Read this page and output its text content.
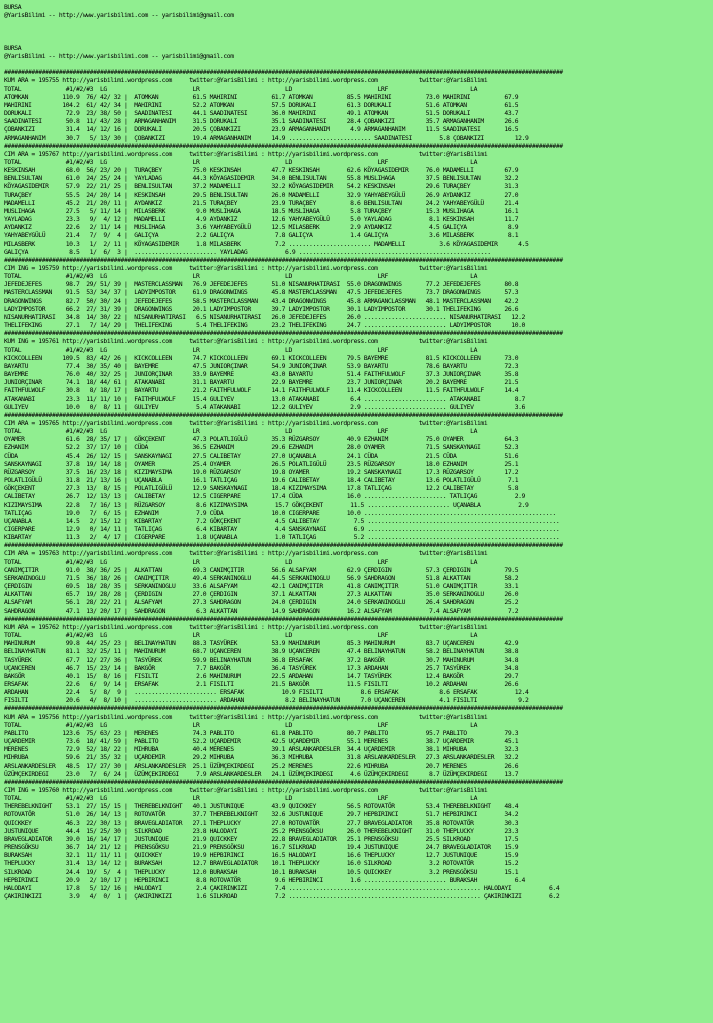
BURSA
@YarisBilimi -- http://www.yarisbilimi.com -- yarisbilimi@gmail.com

BURSA
@YarisBilimi -- http://www.yarisbilimi.com -- yarisbilimi@gmail.com

###################################################################################################################################################################
KUM ARA = 195755 http://yarisbilimi.wordpress.com     twitter:@YarisBilimi : http://yarisbilimi.wordpress.com            twitter:@YarisBilimi
TOTAL             #1/#2/#3  LG                         LR                         LD                         LRF                        LA
ATOMKAN          110.9  76/ 42/ 32 |  ATOMKAN          61.5 MAHIRINI          61.7 ATOMKAN          85.5 MAHIRINI          73.0 MAHIRINI          67.9
MAHIRINI         104.2  61/ 42/ 34 |  MAHIRINI         52.2 ATOMKAN           57.5 DORUKALI         61.3 DORUKALI          51.6 ATOMKAN           61.5
DORUKALI          72.9  23/ 38/ 50 |  SAADINATESI      44.1 SAADINATESI       36.0 MAHIRINI         49.1 ATOMKAN           51.5 DORUKALI          43.7
SAADINATESI       50.8  11/ 43/ 28 |  ARMAGANHANIM     31.5 DORUKALI          35.1 SAADINATESI      28.4 ÇOBANKIZI         35.7 ARMAGANHANIM      26.6
ÇOBANKIZI         31.4  14/ 12/ 16 |  DORUKALI         20.5 ÇOBANKIZI         23.9 ARMAGANHANIM      4.9 ARMAGANHANIM      11.5 SAADINATESI       16.5
ARMAGANHANIM      30.7   5/ 13/ 30 |  ÇOBANKIZI        19.4 ARMAGANHANIM      14.9 ........................ SAADINATESI        5.8 ÇOBANKIZI         12.9
###################################################################################################################################################################
CIM ARA = 195767 http://yarisbilimi.wordpress.com     twitter:@YarisBilimi : http://yarisbilimi.wordpress.com            twitter:@YarisBilimi
TOTAL             #1/#2/#3  LG                         LR                         LD                         LRF                        LA
KESKINSAH         68.0  56/ 23/ 20 |  TURAÇBEY         75.0 KESKINSAH         47.7 KESKINSAH        62.6 KÖYAGASIDEMIR     76.0 MADAMELLI         67.9
BENLISULTAN       61.0  24/ 25/ 24 |  YAYLADAG         44.3 KÖYAGASIDEMIR     34.0 BENLISULTAN      55.8 MUSLIHAGA         37.5 BENLISULTAN       32.2
KÖYAGASIDEMIR     57.9  22/ 21/ 25 |  BENLISULTAN      37.2 MADAMELLI         32.2 KÖYAGASIDEMIR    54.2 KESKINSAH         29.6 TURAÇBEY          31.3
TURAÇBEY          55.5  24/ 20/ 14 |  KESKINSAH        29.5 BENLISULTAN       26.0 MADAMELLI        32.9 YAHYABEYGÜLÜ      26.9 AYDANKIZ          27.0
MADAMELLI         45.2  21/ 20/ 11 |  AYDANKIZ         21.5 TURAÇBEY          23.9 TURAÇBEY          8.6 BENLISULTAN       24.2 YAHYABEYGÜLÜ      21.4
MUSLIHAGA         27.5   5/ 11/ 14 |  MILASBERK         9.0 MUSLIHAGA         18.5 MUSLIHAGA         5.8 TURAÇBEY          15.3 MUSLIHAGA         16.1
YAYLADAG          23.3   9/  4/ 12 |  MADAMELLI         4.9 AYDANKIZ          12.6 YAHYABEYGÜLÜ      5.0 YAYLADAG           8.1 KESKINSAH         11.7
AYDANKIZ          22.6   2/ 11/ 14 |  MUSLIHAGA         3.6 YAHYABEYGÜLÜ      12.5 MILASBERK         2.9 AYDANKIZ           4.5 GALIÇYA            8.9
YAHYABEYGÜLÜ      21.4   7/  9/  4 |  GALIÇYA           2.2 GALIÇYA            7.8 GALIÇYA           1.4 GALIÇYA            3.6 MILASBERK          8.1
MILASBERK         10.3   1/  2/ 11 |  KÖYAGASIDEMIR     1.8 MILASBERK          7.2 ........................ MADAMELLI          3.6 KÖYAGASIDEMIR      4.5
GALIÇYA            8.5   1/  6/  3 |  ........................ YAYLADAG           6.9 ........................................................
###################################################################################################################################################################
CIM ING = 195759 http://yarisbilimi.wordpress.com     twitter:@YarisBilimi : http://yarisbilimi.wordpress.com            twitter:@YarisBilimi
TOTAL             #1/#2/#3  LG                         LR                         LD                         LRF                        LA
JEFEDEJEFES       98.7  29/ 51/ 39 |  MASTERCLASSMAN   76.9 JEFEDEJEFES       51.0 NISANURHATIRASI  55.0 DRAGONWINGS       77.2 JEFEDEJEFES       80.8
MASTERCLASSMAN    91.5  53/ 34/ 37 |  LADYIMPOSTOR     61.9 DRAGONWINGS       45.8 MASTERCLASSMAN   47.5 JEFEDEJEFES       73.7 DRAGONWINGS       57.3
DRAGONWINGS       82.7  50/ 30/ 24 |  JEFEDEJEFES      58.5 MASTERCLASSMAN    43.4 DRAGONWINGS      45.8 ARMAGANCLASSMAN   48.1 MASTERCLASSMAN    42.2
LADYIMPOSTOR      66.2  27/ 31/ 39 |  DRAGONWINGS      20.1 LADYIMPOSTOR      39.7 LADYIMPOSTOR     30.1 LADYIMPOSTOR      30.1 THELIFEKING       26.6
NISANURHATIRASI   34.8  14/ 30/ 22 |  NISANURHATIRASI   6.5 NISANURHATIRASI   26.0 JEFEDEJEFES      26.0 ........................ NISANURHATIRASI   12.2
THELIFEKING       27.1   7/ 14/ 29 |  THELIFEKING       5.4 THELIFEKING       23.2 THELIFEKING      24.7 ........................ LADYIMPOSTOR      10.0
###################################################################################################################################################################
KUM ING = 195761 http://yarisbilimi.wordpress.com     twitter:@YarisBilimi : http://yarisbilimi.wordpress.com            twitter:@YarisBilimi
TOTAL             #1/#2/#3  LG                         LR                         LD                         LRF                        LA
KICKCOLLEEN      109.5  83/ 42/ 26 |  KICKCOLLEEN      74.7 KICKCOLLEEN       69.1 KICKCOLLEEN      79.5 BAYEMRE           81.5 KICKCOLLEEN       73.0
BAYARTU           77.4  30/ 35/ 40 |  BAYEMRE          47.5 JUNIORÇINAR       54.9 JUNIORÇINAR      53.9 BAYARTU           78.6 BAYARTU           72.3
BAYEMRE           76.0  40/ 32/ 25 |  JUNIORÇINAR      33.9 BAYEMRE           43.0 BAYARTU          51.4 FAITHFULWOLF      37.3 JUNIORÇINAR       35.8
JUNIORÇINAR       74.1  18/ 44/ 61 |  ATAKANABI        31.1 BAYARTU           22.9 BAYEMRE          23.7 JUNIORÇINAR       20.2 BAYEMRE           21.5
FAITHFULWOLF      30.8   8/ 18/ 17 |  BAYARTU          21.2 FAITHFULWOLF      14.1 FAITHFULWOLF     11.4 KICKCOLLEEN       11.5 FAITHFULWOLF      14.4
ATAKANABI         23.3  11/ 11/ 10 |  FAITHFULWOLF     15.4 GULIYEV           13.0 ATAKANABI         6.4 ........................ ATAKANABI          8.7
GULIYEV           10.0   0/  8/ 11 |  GULIYEV           5.4 ATAKANABI         12.2 GULIYEV           2.9 ........................ GULIYEV            3.6
###################################################################################################################################################################
CIM ARA = 195765 http://yarisbilimi.wordpress.com     twitter:@YarisBilimi : http://yarisbilimi.wordpress.com            twitter:@YarisBilimi
TOTAL             #1/#2/#3  LG                         LR                         LD                         LRF                        LA
OYAMER            61.6  28/ 35/ 17 |  GÖKÇEKENT        47.3 POLATLIGÜLÜ       35.3 RÜZGARSOY        40.9 EZHANIM           75.0 OYAMER            64.3
EZHANIM           52.2  37/ 17/ 10 |  CÜDA             36.5 EZHANIM           29.6 EZHANIM          28.0 OYAMER            71.5 SANSKAYNAGI       52.3
CÜDA              45.4  26/ 12/ 15 |  SANSKAYNAGI      27.5 CALIBETAY         27.0 UÇANABLA         24.1 CÜDA              21.5 CÜDA              51.6
SANSKAYNAGI       37.8  19/ 14/ 18 |  OYAMER           25.4 OYAMER            26.5 POLATLIGÜLÜ      23.5 RÜZGARSOY         18.0 EZHANIM           25.1
RÜZGARSOY         37.5  16/ 23/ 18 |  KIZIMAYSIMA      19.0 RÜZGARSOY         19.8 OYAMER           19.2 SANSKAYNAGI       17.3 RÜZGARSOY         17.2
POLATLIGÜLÜ       31.8  21/ 13/ 16 |  UÇANABLA         16.1 TATLIÇAG          19.6 CALIBETAY        18.4 CALIBETAY         13.6 POLATLIGÜLÜ        7.1
GÖKÇEKENT         27.3  13/  8/ 15 |  POLATLIGÜLÜ      12.9 SANSKAYNAGI       18.4 KIZIMAYSIMA      17.8 TATLIÇAG          12.2 CALIBETAY          5.8
CALIBETAY         26.7  12/ 13/ 13 |  CALIBETAY        12.5 CIGERPARE         17.4 CÜDA             16.0 ........................ TATLIÇAG           2.9
KIZIMAYSIMA       22.8   7/ 16/ 13 |  RÜZGARSOY         8.6 KIZIMAYSIMA        15.7 GÖKÇEKENT        11.5 ........................ UÇANABLA           2.9
TATLIÇAG          19.0   7/  6/ 15 |  EZHANIM           7.9 CÜDA              10.0 CIGERPARE        10.0 ........................................................
UÇANABLA          14.5   2/ 15/ 12 |  KIBARTAY          7.2 GÖKÇEKENT          4.5 CALIBETAY          7.5 ........................................................
CIGERPARE         12.9   0/ 14/ 11 |  TATLIÇAG          6.4 KIBARTAY           4.4 SANSKAYNAGI        6.9 ........................................................
KIBARTAY          11.3   2/  4/ 17 |  CIGERPARE         1.8 UÇANABLA           1.0 TATLIÇAG           5.2 ........................................................
###################################################################################################################################################################
CIM ARA = 195763 http://yarisbilimi.wordpress.com     twitter:@YarisBilimi : http://yarisbilimi.wordpress.com            twitter:@YarisBilimi
TOTAL             #1/#2/#3  LG                         LR                         LD                         LRF                        LA
CANIMÇITIR        91.0  38/ 36/ 25 |  ALKATTAN         69.3 CANIMÇITIR        56.6 ALSAFYAM         62.9 ÇERDIGIN          57.3 ÇERDIGIN          79.5
SERKANINOGLU      71.5  36/ 18/ 26 |  CANIMÇITIR       49.4 SERKANINOGLU      44.5 SERKANINOGLU     56.9 SAHDRAGON         51.8 ALKATTAN          58.2
ÇERDIGIN          69.5  18/ 28/ 35 |  SERKANINOGLU     33.6 ALSAFYAM          42.1 CANIMÇITIR       41.8 CANIMÇITIR        51.0 CANIMÇITIR        33.1
ALKATTAN          65.7  19/ 28/ 28 |  ÇERDIGIN         27.0 ÇERDIGIN          37.1 ALKATTAN         27.3 ALKATTAN          35.0 SERKANINOGLU      26.0
ALSAFYAM          56.1  28/ 22/ 21 |  ALSAFYAM         27.3 SAHDRAGON         24.0 ÇERDIGIN         24.0 SERKANINOGLU      26.4 SAHDRAGON         25.2
SAHDRAGON         47.1  13/ 20/ 17 |  SAHDRAGON         6.3 ALKATTAN          14.9 SAHDRAGON        16.2 ALSAFYAM           7.4 ALSAFYAM           7.2
###################################################################################################################################################################
KUM ARA = 195762 http://yarisbilimi.wordpress.com     twitter:@YarisBilimi : http://yarisbilimi.wordpress.com            twitter:@YarisBilimi
TOTAL             #1/#2/#3  LG                         LR                         LD                         LRF                        LA
MAHINURUM         99.8  44/ 25/ 23 |  BELINAYHATUN     88.3 TASYÜREK          53.9 MAHINURUM        85.3 MAHINURUM         83.7 UÇANCEREN         42.9
BELINAYHATUN      81.1  32/ 25/ 11 |  MAHINURUM        68.7 UÇANCEREN         38.9 UÇANCEREN        47.4 BELINAYHATUN      58.2 BELINAYHATUN      38.8
TASYÜREK          67.7  12/ 27/ 36 |  TASYÜREK         59.9 BELINAYHATUN      36.8 ERSAFAK          37.2 BAKGÖR            30.7 MAHINURUM         34.8
UÇANCEREN         46.7  15/ 23/ 14 |  BAKGÖR            7.7 BAKGÖR            36.4 TASYÜREK         17.3 ARDAHAN           25.7 TASYÜREK          34.8
BAKGÖR            40.1  15/  8/ 16 |  FISILTI           2.6 MAHINURUM         22.5 ARDAHAN          14.7 TASYÜREK          12.4 BAKGÖR            29.7
ERSAFAK           22.6   6/  9/ 14 |  ERSAFAK           2.1 FISILTI           21.5 BAKGÖR           11.5 FISILTI           10.2 ARDAHAN           26.6
ARDAHAN           22.4   5/  8/  9 |  ........................ ERSAFAK           10.9 FISILTI           8.6 ERSAFAK            8.6 ERSAFAK           12.4
FISILTI           20.6   4/  8/ 10 |  ........................ ARDAHAN            8.2 BELINAYHATUN      7.0 UÇANCEREN          4.1 FISILTI            9.2
###################################################################################################################################################################
KUM ARA = 195756 http://yarisbilimi.wordpress.com     twitter:@YarisBilimi : http://yarisbilimi.wordpress.com            twitter:@YarisBilimi
TOTAL             #1/#2/#3  LG                         LR                         LD                         LRF                        LA
PABLITO          123.6  75/ 63/ 23 |  MERENES          74.3 PABLITO           61.8 PABLITO          80.7 PABLITO           95.7 PABLITO           79.3
UÇARDEMIR         73.6  18/ 41/ 59 |  PABLITO          52.2 UÇARDEMIR         42.5 UÇARDEMIR        55.1 MERENES           38.7 UÇARDEMIR         45.1
MERENES           72.9  52/ 18/ 22 |  MIHRUBA          40.4 MERENES           39.1 ARSLANKARDESLER  34.4 UÇARDEMIR         38.1 MIHRUBA           32.3
MIHRUBA           59.6  21/ 35/ 32 |  UÇARDEMIR        29.2 MIHRUBA           36.3 MIHRUBA          31.8 ARSLANKARDESLER   27.3 ARSLANKARDESLER   32.2
ARSLANKARDESLER   48.5  17/ 27/ 30 |  ARSLANKARDESLER  25.1 ÜZÜMÇEKIRDEGI     25.2 MERENES          22.6 MIHRUBA           20.7 MERENES           26.6
ÜZÜMÇEKIRDEGI     23.0   7/  6/ 24 |  ÜZÜMÇEKIRDEGI     7.9 ARSLANKARDESLER   24.1 ÜZÜMÇEKIRDEGI     4.6 ÜZÜMÇEKIRDEGI      8.7 ÜZÜMÇEKIRDEGI     13.7
###################################################################################################################################################################
CIM ING = 195760 http://yarisbilimi.wordpress.com     twitter:@YarisBilimi : http://yarisbilimi.wordpress.com            twitter:@YarisBilimi
TOTAL             #1/#2/#3  LG                         LR                         LD                         LRF                        LA
THEREBELKNIGHT    53.1  27/ 15/ 15 |  THEREBELKNIGHT   40.1 JUSTUNIQUE        43.9 QUICKKEY         56.5 ROTOVATÖR         53.4 THEREBELKNIGHT    48.4
ROTOVATÖR         51.0  26/ 14/ 13 |  ROTOVATÖR        37.7 THEREBELKNIGHT    32.6 JUSTUNIQUE       29.7 HEPBIRINCI        51.7 HEPBIRINCI        34.2
QUICKKEY          46.3  22/ 30/ 13 |  BRAVEGLADIATOR   27.1 THEPLUCKY         27.0 ROTOVATÖR        27.7 BRAVEGLADIATOR    35.8 ROTOVATÖR         30.3
JUSTUNIQUE        44.4  15/ 25/ 30 |  SILKROAD         23.8 HALODAYI          25.2 PRENSGÖKSU       26.0 THEREBELKNIGHT    31.0 THEPLUCKY         23.3
BRAVEGLADIATOR    39.0  16/ 14/ 17 |  JUSTUNIQUE       21.9 QUICKKEY          22.8 BRAVEGLADIATOR   25.1 PRENSGÖKSU        25.5 SILKROAD          17.5
PRENSGÖKSU        36.7  14/ 21/ 12 |  PRENSGÖKSU       21.9 PRENSGÖKSU        16.7 SILKROAD         19.4 JUSTUNIQUE        24.7 BRAVEGLADIATOR    15.9
BURAKSAH          32.1  11/ 11/ 11 |  QUICKKEY         19.9 HEPBIRINCI        16.5 HALODAYI         16.6 THEPLUCKY         12.7 JUSTUNIQUE        15.9
THEPLUCKY         31.4  13/ 14/ 12 |  BURAKSAH         12.7 BRAVEGLADIATOR    10.1 THEPLUCKY        16.0 SILKROAD           3.2 ROTOVATÖR         15.2
SILKROAD          24.4  19/  5/  4 |  THEPLUCKY        12.0 BURAKSAH          10.1 BURAKSAH         10.5 QUICKKEY           3.2 PRENSGÖKSU        15.1
HEPBIRINCI        20.9   2/ 10/ 17 |  HEPBIRINCI        8.8 ROTOVATÖR          9.6 HEPBIRINCI        1.6 ........................ BURAKSAH           6.4
HALODAYI          17.8   5/ 12/ 16 |  HALODAYI          2.4 ÇAKIRINKIZI        7.4 ........................................................ HALODAYI           6.4
ÇAKIRINKIZI        3.9   4/  0/  1 |  ÇAKIRINKIZI       1.6 SILKROAD           7.2 ........................................................ ÇAKIRINKIZI        6.2
